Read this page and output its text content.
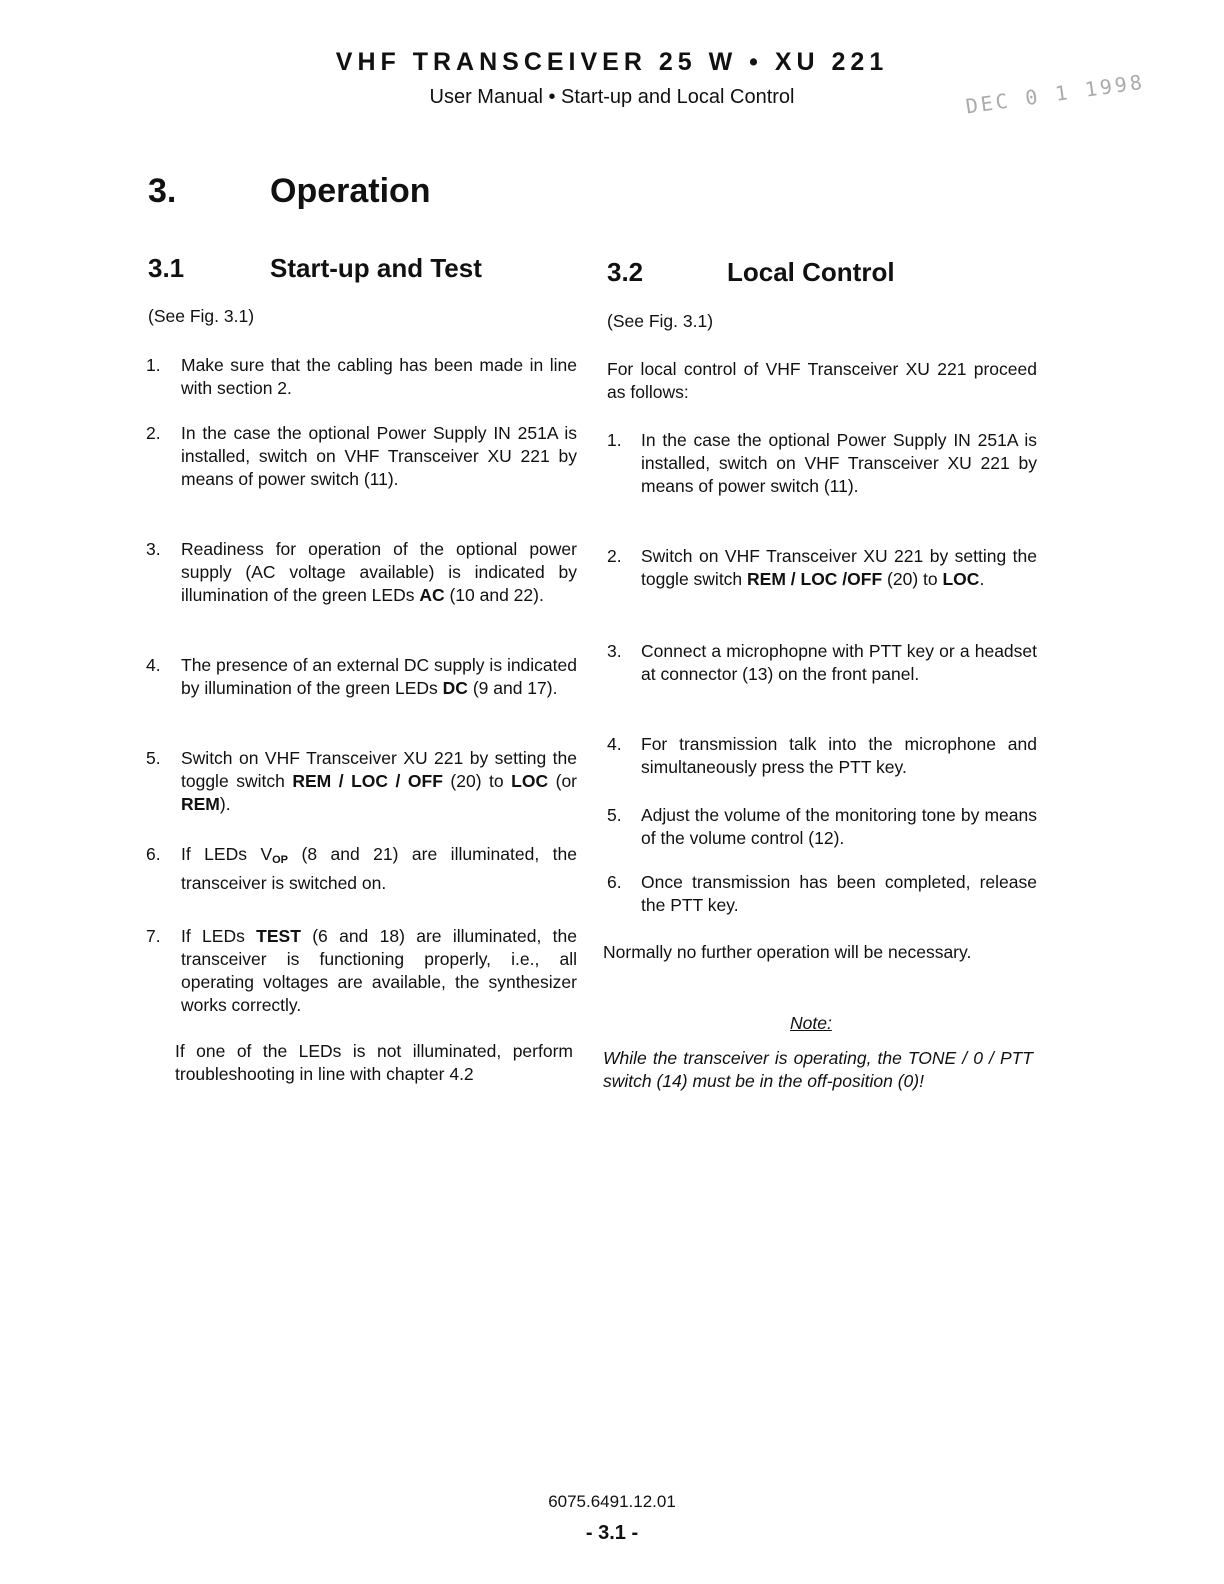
VHF TRANSCEIVER 25 W • XU 221
User Manual • Start-up and Local Control	DEC 0 1 1998
3.	Operation
3.1	Start-up and Test
(See Fig. 3.1)
1. Make sure that the cabling has been made in line with section 2.
2. In the case the optional Power Supply IN 251A is installed, switch on VHF Transceiver XU 221 by means of power switch (11).
3. Readiness for operation of the optional power supply (AC voltage available) is indicated by illumination of the green LEDs AC (10 and 22).
4. The presence of an external DC supply is indicated by illumination of the green LEDs DC (9 and 17).
5. Switch on VHF Transceiver XU 221 by setting the toggle switch REM / LOC / OFF (20) to LOC (or REM).
6. If LEDs $V_{OP}$ (8 and 21) are illuminated, the transceiver is switched on.
7. If LEDs TEST (6 and 18) are illuminated, the transceiver is functioning properly, i.e., all operating voltages are available, the synthesizer works correctly.
If one of the LEDs is not illuminated, perform troubleshooting in line with chapter 4.2
3.2	Local Control
(See Fig. 3.1)
For local control of VHF Transceiver XU 221 proceed as follows:
1. In the case the optional Power Supply IN 251A is installed, switch on VHF Transceiver XU 221 by means of power switch (11).
2. Switch on VHF Transceiver XU 221 by setting the toggle switch REM / LOC /OFF (20) to LOC.
3. Connect a microphopne with PTT key or a headset at connector (13) on the front panel.
4. For transmission talk into the microphone and simultaneously press the PTT key.
5. Adjust the volume of the monitoring tone by means of the volume control (12).
6. Once transmission has been completed, release the PTT key.
Normally no further operation will be necessary.
Note:
While the transceiver is operating, the TONE / 0 / PTT switch (14) must be in the off-position (0)!
6075.6491.12.01
- 3.1 -
